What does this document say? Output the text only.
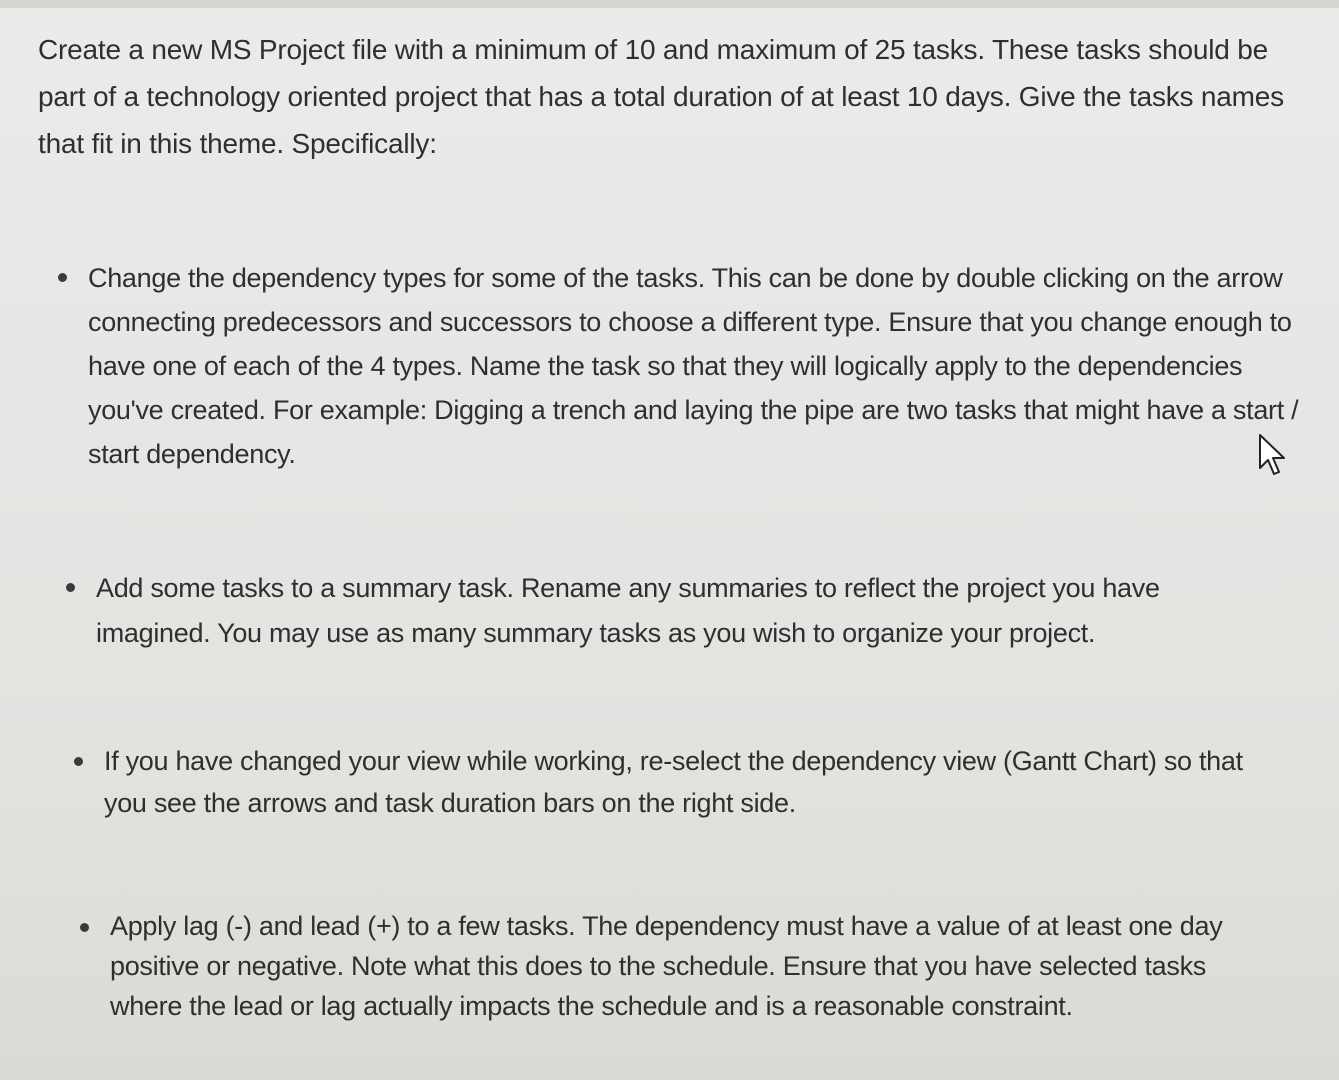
Create a new MS Project file with a minimum of 10 and maximum of 25 tasks. These tasks should be part of a technology oriented project that has a total duration of at least 10 days. Give the tasks names that fit in this theme. Specifically:

Change the dependency types for some of the tasks. This can be done by double clicking on the arrow connecting predecessors and successors to choose a different type. Ensure that you change enough to have one of each of the 4 types. Name the task so that they will logically apply to the dependencies you've created. For example: Digging a trench and laying the pipe are two tasks that might have a start / start dependency.
Add some tasks to a summary task. Rename any summaries to reflect the project you have imagined. You may use as many summary tasks as you wish to organize your project.
If you have changed your view while working, re-select the dependency view (Gantt Chart) so that you see the arrows and task duration bars on the right side.
Apply lag (-) and lead (+) to a few tasks. The dependency must have a value of at least one day positive or negative. Note what this does to the schedule. Ensure that you have selected tasks where the lead or lag actually impacts the schedule and is a reasonable constraint.
